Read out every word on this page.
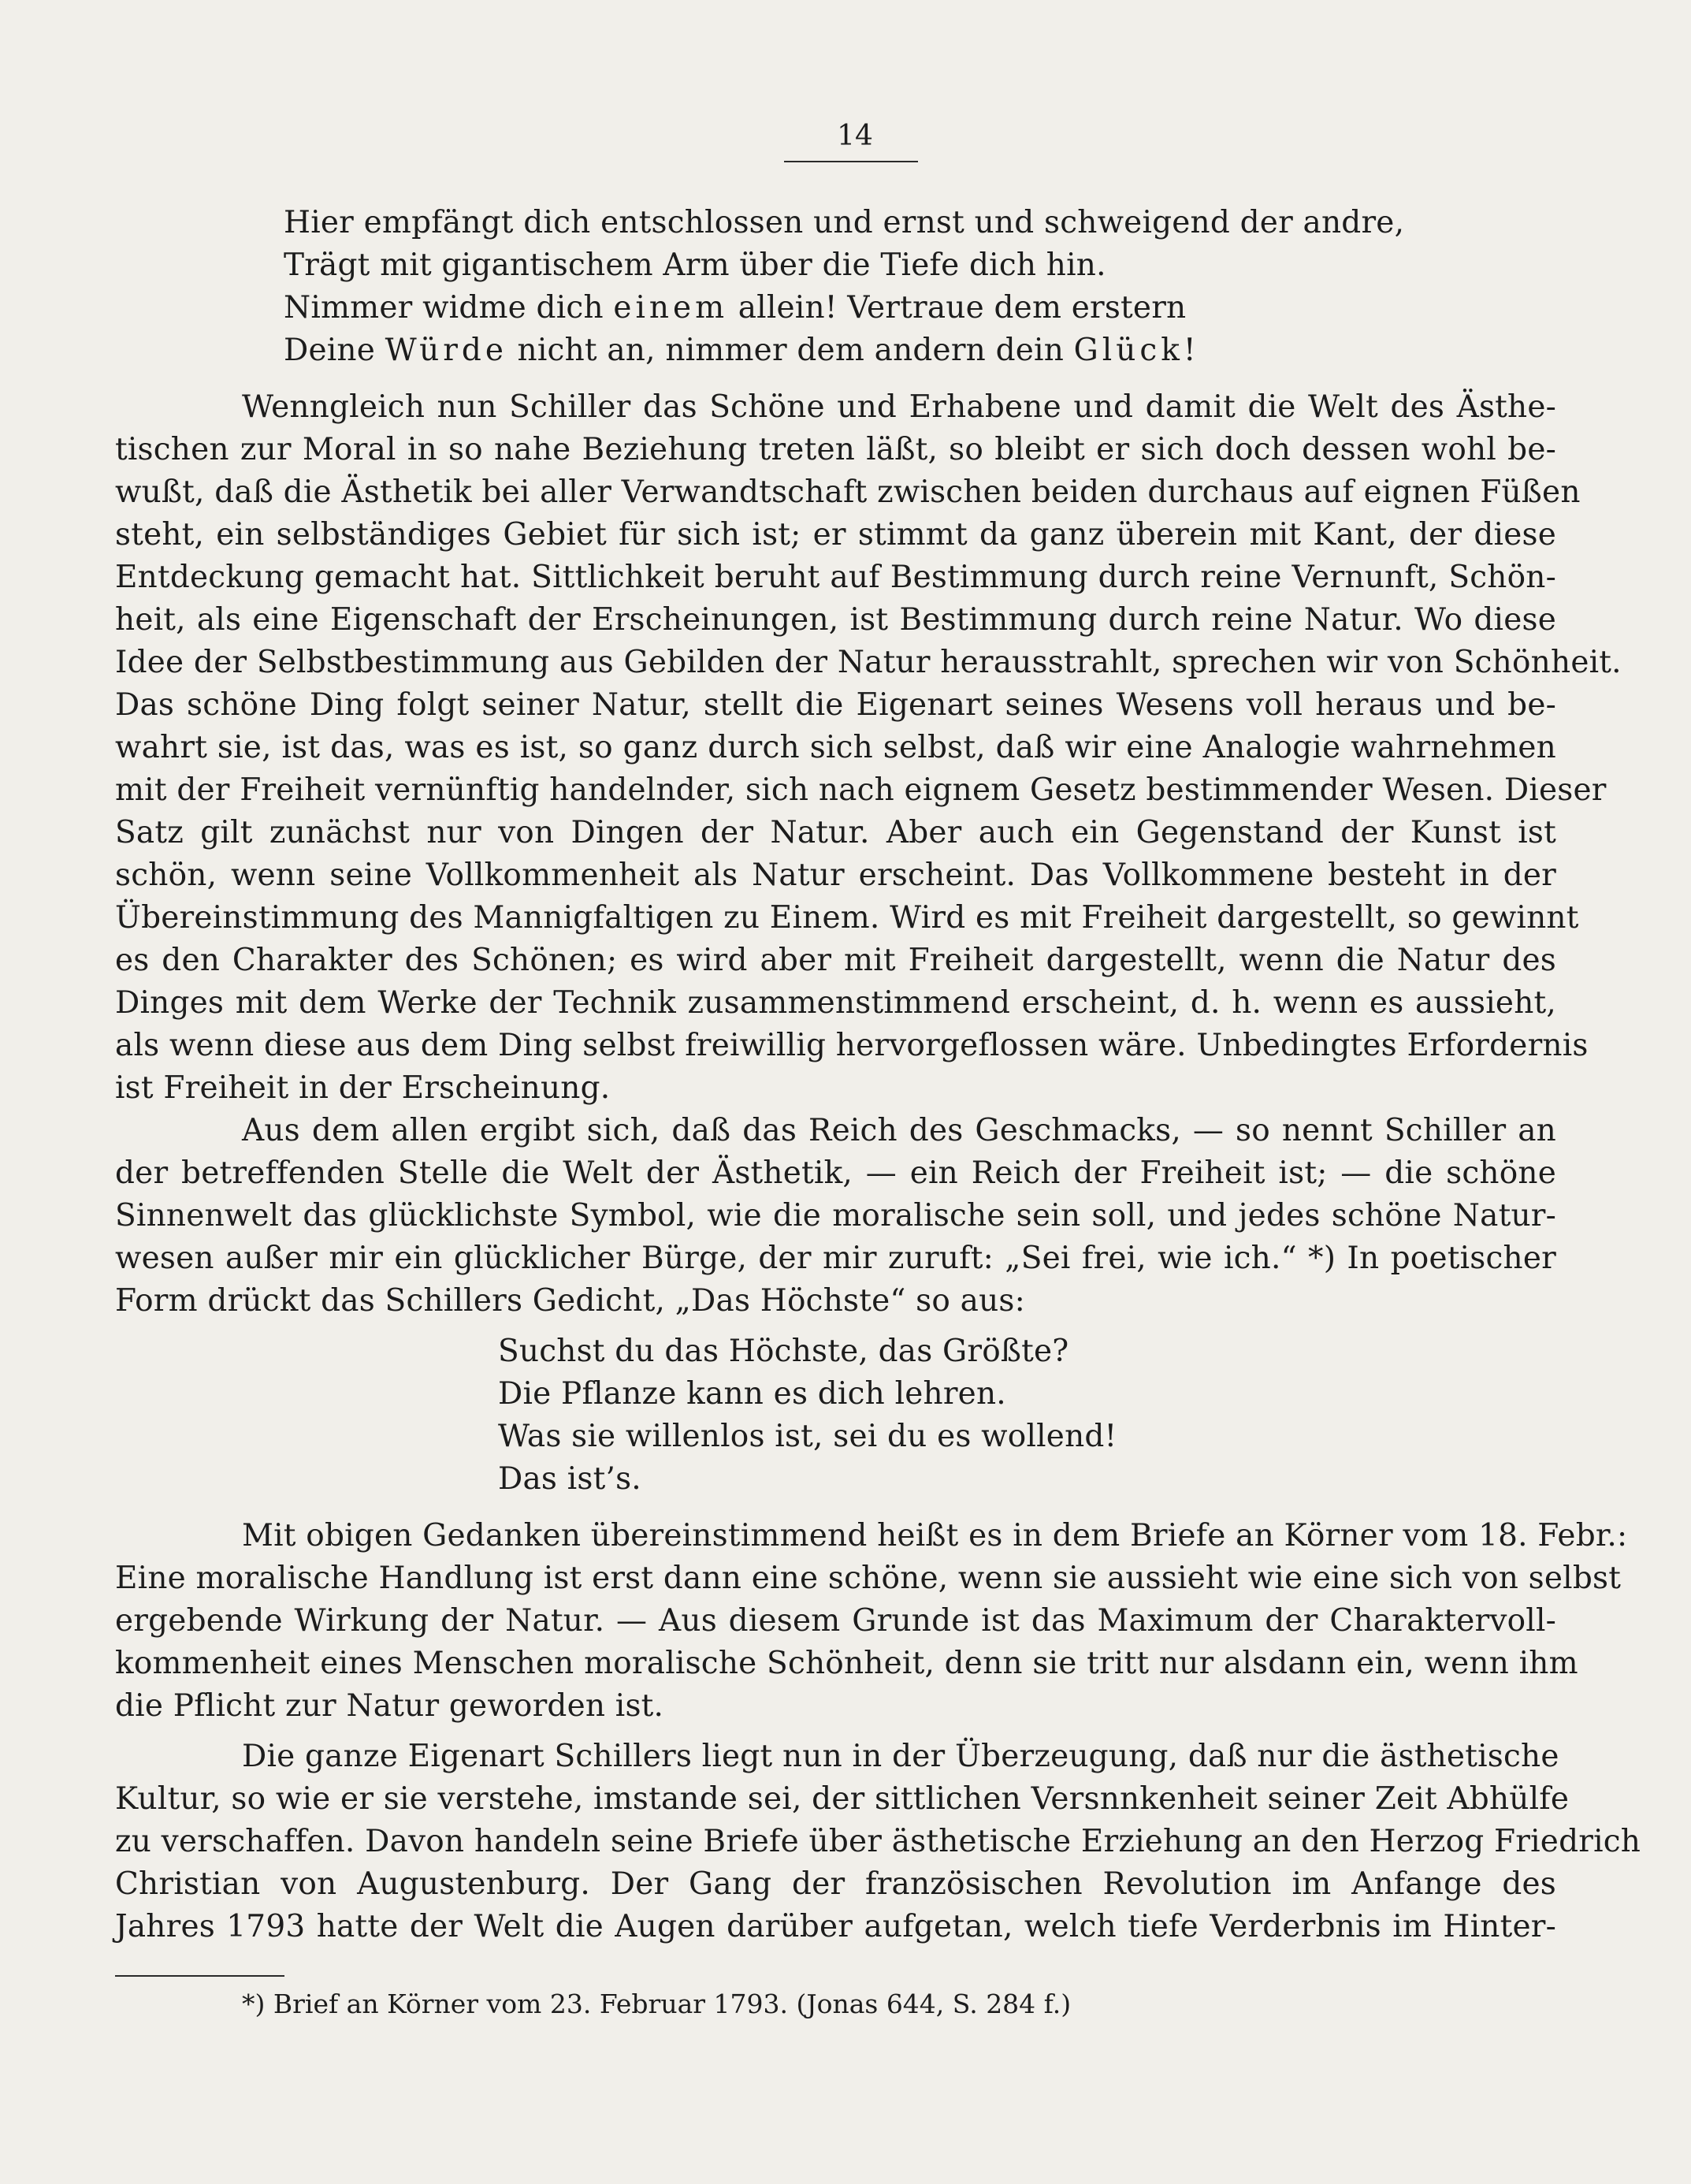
14

Hier empfängt dich entschlossen und ernst und schweigend der andre,

Trägt mit gigantischem Arm über die Tiefe dich hin.

Nimmer widme dich einem allein! Vertraue dem erstern

Deine Würde nicht an, nimmer dem andern dein Glück!

Wenngleich nun Schiller das Schöne und Erhabene und damit die Welt des Ästhe-

tischen zur Moral in so nahe Beziehung treten läßt, so bleibt er sich doch dessen wohl be-

wußt, daß die Ästhetik bei aller Verwandtschaft zwischen beiden durchaus auf eignen Füßen

steht, ein selbständiges Gebiet für sich ist; er stimmt da ganz überein mit Kant, der diese

Entdeckung gemacht hat. Sittlichkeit beruht auf Bestimmung durch reine Vernunft, Schön-

heit, als eine Eigenschaft der Erscheinungen, ist Bestimmung durch reine Natur. Wo diese

Idee der Selbstbestimmung aus Gebilden der Natur herausstrahlt, sprechen wir von Schönheit.

Das schöne Ding folgt seiner Natur, stellt die Eigenart seines Wesens voll heraus und be-

wahrt sie, ist das, was es ist, so ganz durch sich selbst, daß wir eine Analogie wahrnehmen

mit der Freiheit vernünftig handelnder, sich nach eignem Gesetz bestimmender Wesen. Dieser

Satz gilt zunächst nur von Dingen der Natur. Aber auch ein Gegenstand der Kunst ist

schön, wenn seine Vollkommenheit als Natur erscheint. Das Vollkommene besteht in der

Übereinstimmung des Mannigfaltigen zu Einem. Wird es mit Freiheit dargestellt, so gewinnt

es den Charakter des Schönen; es wird aber mit Freiheit dargestellt, wenn die Natur des

Dinges mit dem Werke der Technik zusammenstimmend erscheint, d. h. wenn es aussieht,

als wenn diese aus dem Ding selbst freiwillig hervorgeflossen wäre. Unbedingtes Erfordernis

ist Freiheit in der Erscheinung.

Aus dem allen ergibt sich, daß das Reich des Geschmacks, — so nennt Schiller an

der betreffenden Stelle die Welt der Ästhetik, — ein Reich der Freiheit ist; — die schöne

Sinnenwelt das glücklichste Symbol, wie die moralische sein soll, und jedes schöne Natur-

wesen außer mir ein glücklicher Bürge, der mir zuruft: „Sei frei, wie ich.“ *) In poetischer

Form drückt das Schillers Gedicht, „Das Höchste“ so aus:

Suchst du das Höchste, das Größte?

Die Pflanze kann es dich lehren.

Was sie willenlos ist, sei du es wollend!

Das ist’s.

Mit obigen Gedanken übereinstimmend heißt es in dem Briefe an Körner vom 18. Febr.:

Eine moralische Handlung ist erst dann eine schöne, wenn sie aussieht wie eine sich von selbst

ergebende Wirkung der Natur. — Aus diesem Grunde ist das Maximum der Charaktervoll-

kommenheit eines Menschen moralische Schönheit, denn sie tritt nur alsdann ein, wenn ihm

die Pflicht zur Natur geworden ist.

Die ganze Eigenart Schillers liegt nun in der Überzeugung, daß nur die ästhetische

Kultur, so wie er sie verstehe, imstande sei, der sittlichen Versnnkenheit seiner Zeit Abhülfe

zu verschaffen. Davon handeln seine Briefe über ästhetische Erziehung an den Herzog Friedrich

Christian von Augustenburg. Der Gang der französischen Revolution im Anfange des

Jahres 1793 hatte der Welt die Augen darüber aufgetan, welch tiefe Verderbnis im Hinter-

*) Brief an Körner vom 23. Februar 1793. (Jonas 644, S. 284 f.)
